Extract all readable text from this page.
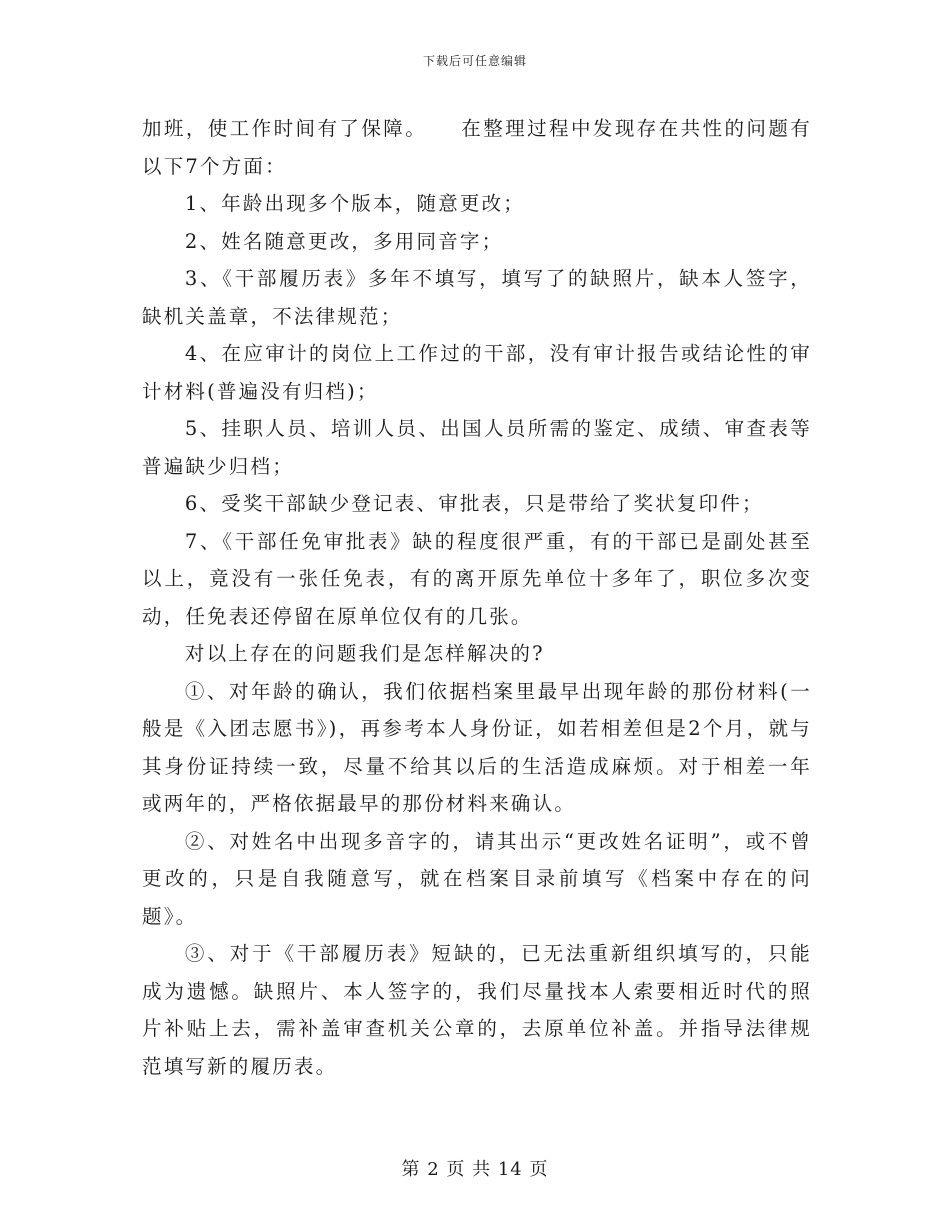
下载后可任意编辑

加班，使工作时间有了保障。　　在整理过程中发现存在共性的问题有以下7个方面：

1、年龄出现多个版本，随意更改；

2、姓名随意更改，多用同音字；

3、《干部履历表》多年不填写，填写了的缺照片，缺本人签字，缺机关盖章，不法律规范；

4、在应审计的岗位上工作过的干部，没有审计报告或结论性的审计材料(普遍没有归档)；

5、挂职人员、培训人员、出国人员所需的鉴定、成绩、审查表等普遍缺少归档；

6、受奖干部缺少登记表、审批表，只是带给了奖状复印件；

7、《干部任免审批表》缺的程度很严重，有的干部已是副处甚至以上，竟没有一张任免表，有的离开原先单位十多年了，职位多次变动，任免表还停留在原单位仅有的几张。

对以上存在的问题我们是怎样解决的?

①、对年龄的确认，我们依据档案里最早出现年龄的那份材料(一般是《入团志愿书》)，再参考本人身份证，如若相差但是2个月，就与其身份证持续一致，尽量不给其以后的生活造成麻烦。对于相差一年或两年的，严格依据最早的那份材料来确认。

②、对姓名中出现多音字的，请其出示“更改姓名证明”，或不曾更改的，只是自我随意写，就在档案目录前填写《档案中存在的问题》。

③、对于《干部履历表》短缺的，已无法重新组织填写的，只能成为遗憾。缺照片、本人签字的，我们尽量找本人索要相近时代的照片补贴上去，需补盖审查机关公章的，去原单位补盖。并指导法律规范填写新的履历表。

第 2 页 共 14 页
